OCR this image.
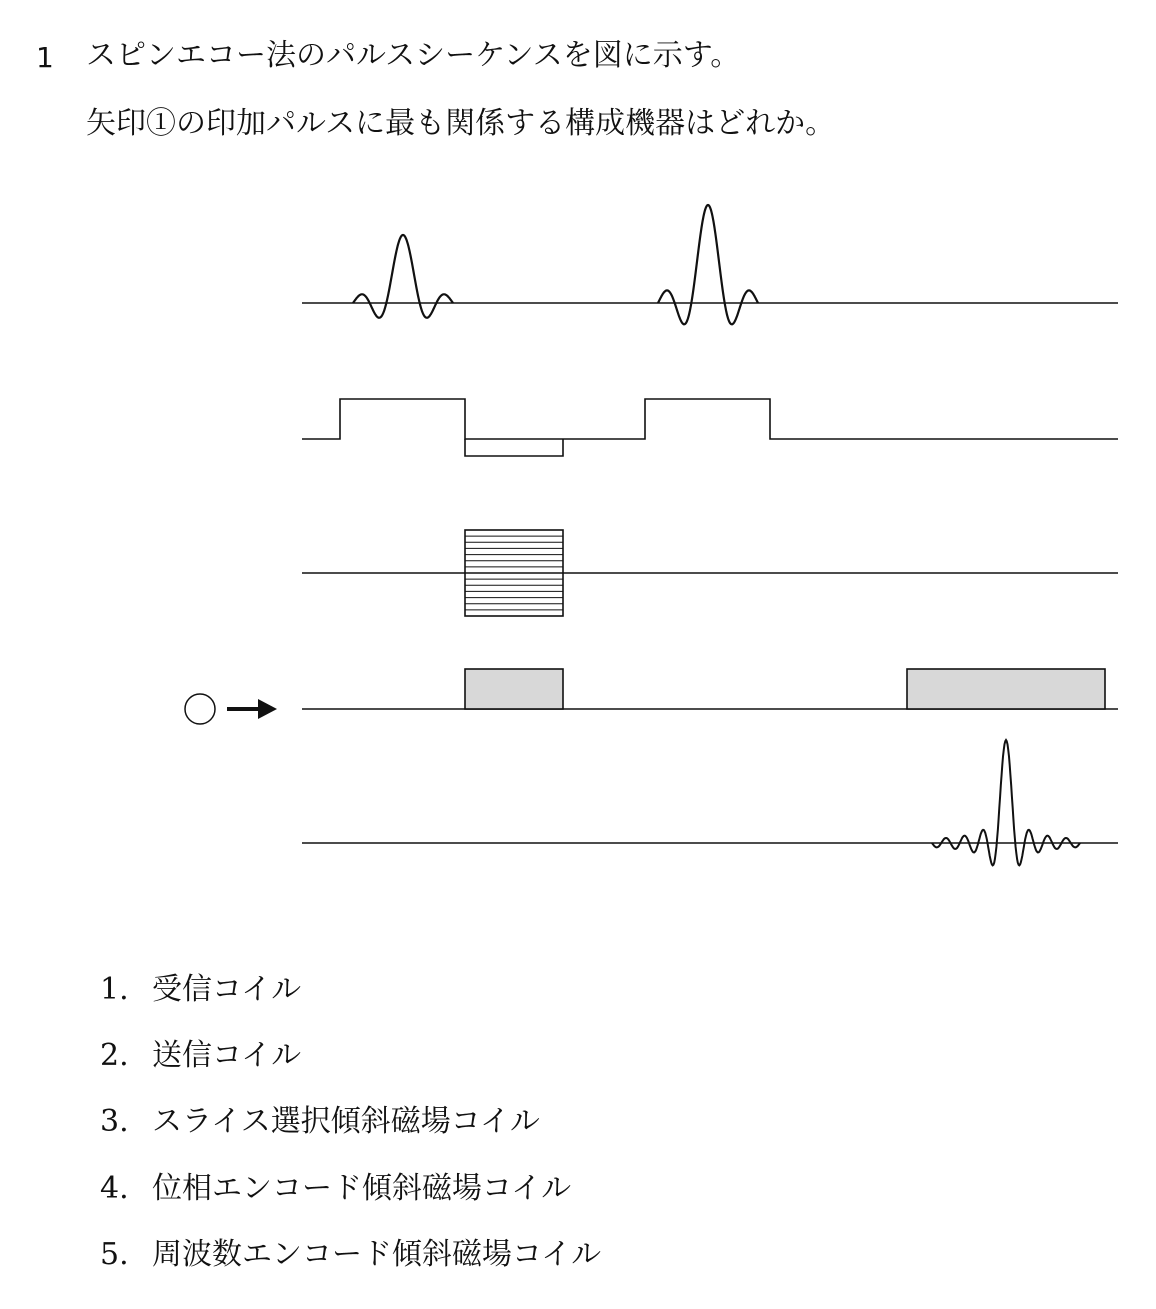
1 スピンエコー法のパルスシーケンスを図に示す。
矢印①の印加パルスに最も関係する構成機器はどれか。
1. 受信コイル
2. 送信コイル
3. スライス選択傾斜磁場コイル
4. 位相エンコード傾斜磁場コイル
5. 周波数エンコード傾斜磁場コイル
